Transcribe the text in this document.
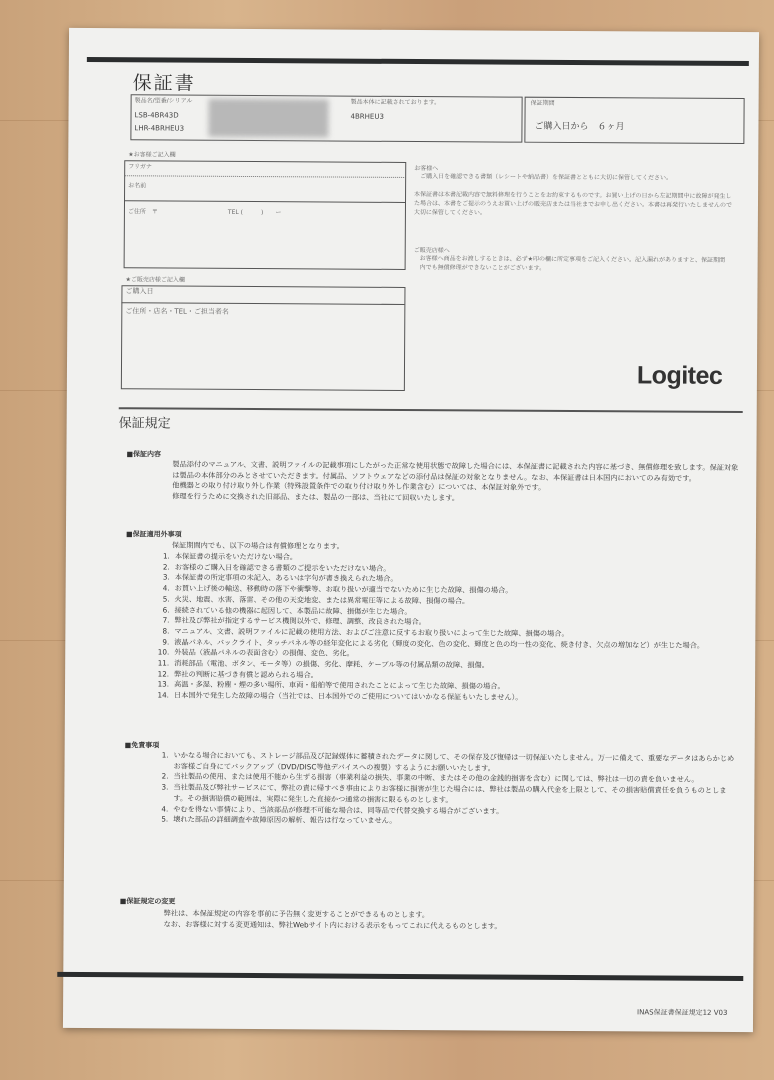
保証書
製品名/型番/シリアル
LSB-4BR43D
LHR-4BRHEU3
製品本体に記載されております。
4BRHEU3
保証期間
ご購入日から　６ヶ月
★お客様ご記入欄
フリガナ
お名前
ご住所　〒	TEL (　　　)　　ー
★ご販売店様ご記入欄
ご購入日
ご住所・店名・TEL・ご担当者名
お客様へ
ご購入日を確認できる書類（レシートや納品書）を保証書とともに大切に保管してください。
本保証書は本書記載内容で無料修理を行うことをお約束するものです。お買い上げの日から左記期間中に故障が発生した場合は、本書をご提示のうえお買い上げの販売店または当社までお申し出ください。本書は再発行いたしませんので大切に保管してください。
ご販売店様へ
お客様へ商品をお渡しするときは、必ず★印の欄に所定事項をご記入ください。記入漏れがありますと、保証期間内でも無償修理ができないことがございます。
Logitec
保証規定
■保証内容
製品添付のマニュアル、文書、説明ファイルの記載事項にしたがった正常な使用状態で故障した場合には、本保証書に記載された内容に基づき、無償修理を致します。保証対象は製品の本体部分のみとさせていただきます。付属品、ソフトウェアなどの添付品は保証の対象となりません。なお、本保証書は日本国内においてのみ有効です。
他機器との取り付け取り外し作業（特殊設置条件での取り付け取り外し作業含む）については、本保証対象外です。
修理を行うために交換された旧部品、または、製品の一部は、当社にて回収いたします。
■保証適用外事項
保証期間内でも、以下の場合は有償修理となります。
1. 本保証書の提示をいただけない場合。
2. お客様のご購入日を確認できる書類のご提示をいただけない場合。
3. 本保証書の所定事項の未記入、あるいは字句が書き換えられた場合。
4. お買い上げ後の輸送、移動時の落下や衝撃等、お取り扱いが適当でないために生じた故障、損傷の場合。
5. 火災、地震、水害、落雷、その他の天変地変、または異常電圧等による故障、損傷の場合。
6. 接続されている他の機器に起因して、本製品に故障、損傷が生じた場合。
7. 弊社及び弊社が指定するサービス機関以外で、修理、調整、改良された場合。
8. マニュアル、文書、説明ファイルに記載の使用方法、およびご注意に反するお取り扱いによって生じた故障、損傷の場合。
9. 液晶パネル、バックライト、タッチパネル等の経年変化による劣化（輝度の変化、色の変化、輝度と色の均一性の変化、焼き付き、欠点の増加など）が生じた場合。
10. 外装品（液晶パネルの表面含む）の損傷、変色、劣化。
11. 消耗部品（電池、ボタン、モータ等）の損傷、劣化、摩耗、ケーブル等の付属品類の故障、損傷。
12. 弊社の判断に基づき有償と認められる場合。
13. 高温・多湿、粉塵・煙の多い場所、車両・船舶等で使用されたことによって生じた故障、損傷の場合。
14. 日本国外で発生した故障の場合（当社では、日本国外でのご使用についてはいかなる保証もいたしません）。
■免責事項
1. いかなる場合においても、ストレージ部品及び記録媒体に蓄積されたデータに関して、その保存及び復帰は一切保証いたしません。万一に備えて、重要なデータはあらかじめお客様ご自身にてバックアップ（DVD/DISC等他デバイスへの複製）するようにお願いいたします。
2. 当社製品の使用、または使用不能から生ずる損害（事業利益の損失、事業の中断、またはその他の金銭的損害を含む）に関しては、弊社は一切の責を負いません。
3. 当社製品及び弊社サービスにて、弊社の責に帰すべき事由によりお客様に損害が生じた場合には、弊社は製品の購入代金を上限として、その損害賠償責任を負うものとします。その損害賠償の範囲は、実際に発生した直接かつ通常の損害に限るものとします。
4. やむを得ない事情により、当該部品が修理不可能な場合は、同等品で代替交換する場合がございます。
5. 壊れた部品の詳細調査や故障原因の解析、報告は行なっていません。
■保証規定の変更
弊社は、本保証規定の内容を事前に予告無く変更することができるものとします。
なお、お客様に対する変更通知は、弊社Webサイト内における表示をもってこれに代えるものとします。
INAS保証書保証規定12 V03
